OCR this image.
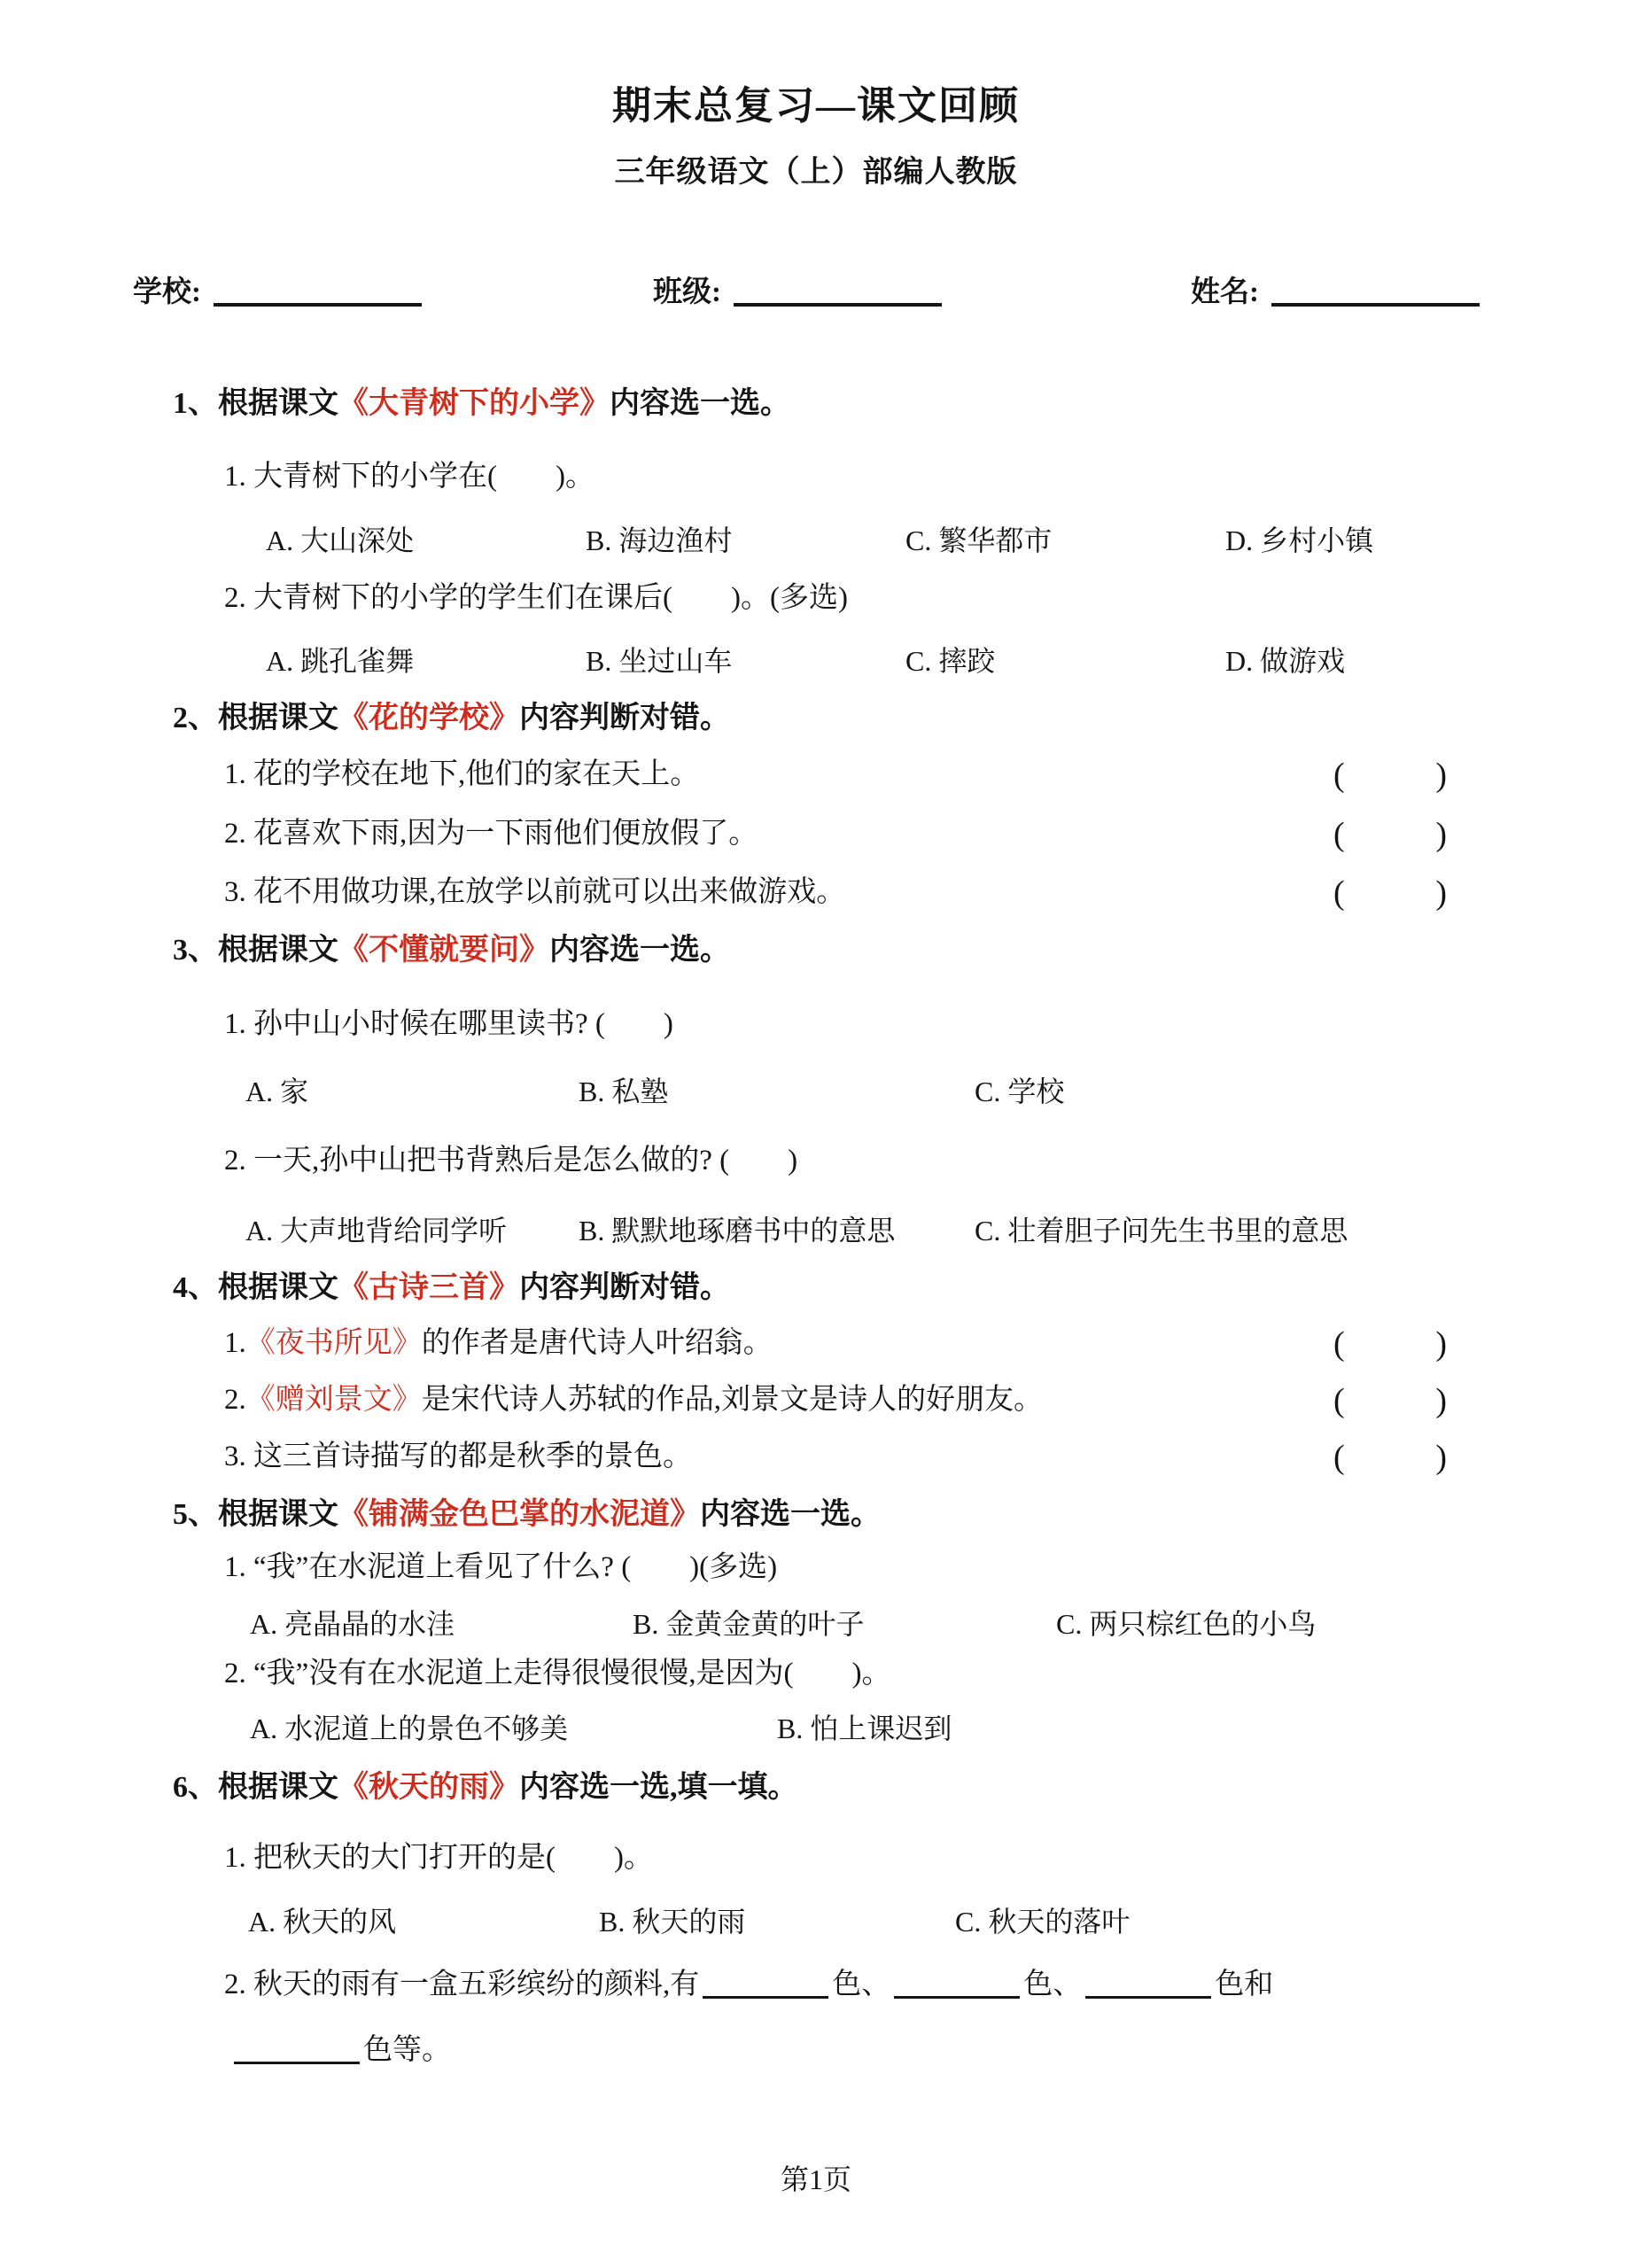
期末总复习—课文回顾
三年级语文（上）部编人教版
学校:	班级:	姓名:
1、根据课文《大青树下的小学》内容选一选。
1. 大青树下的小学在(　　)。
A. 大山深处	B. 海边渔村	C. 繁华都市	D. 乡村小镇
2. 大青树下的小学的学生们在课后(　　)。(多选)
A. 跳孔雀舞	B. 坐过山车	C. 摔跤	D. 做游戏
2、根据课文《花的学校》内容判断对错。
1. 花的学校在地下,他们的家在天上。	(	)
2. 花喜欢下雨,因为一下雨他们便放假了。	(	)
3. 花不用做功课,在放学以前就可以出来做游戏。	(	)
3、根据课文《不懂就要问》内容选一选。
1. 孙中山小时候在哪里读书? (　　)
A. 家	B. 私塾	C. 学校
2. 一天,孙中山把书背熟后是怎么做的? (　　)
A. 大声地背给同学听	B. 默默地琢磨书中的意思	C. 壮着胆子问先生书里的意思
4、根据课文《古诗三首》内容判断对错。
1.《夜书所见》的作者是唐代诗人叶绍翁。	(	)
2.《赠刘景文》是宋代诗人苏轼的作品,刘景文是诗人的好朋友。	(	)
3. 这三首诗描写的都是秋季的景色。	(	)
5、根据课文《铺满金色巴掌的水泥道》内容选一选。
1. “我”在水泥道上看见了什么? (　　)(多选)
A. 亮晶晶的水洼	B. 金黄金黄的叶子	C. 两只棕红色的小鸟
2. “我”没有在水泥道上走得很慢很慢,是因为(　　)。
A. 水泥道上的景色不够美	B. 怕上课迟到
6、根据课文《秋天的雨》内容选一选,填一填。
1. 把秋天的大门打开的是(　　)。
A. 秋天的风	B. 秋天的雨	C. 秋天的落叶
2. 秋天的雨有一盒五彩缤纷的颜料,有	色、	色、	色和
色等。
第1页
